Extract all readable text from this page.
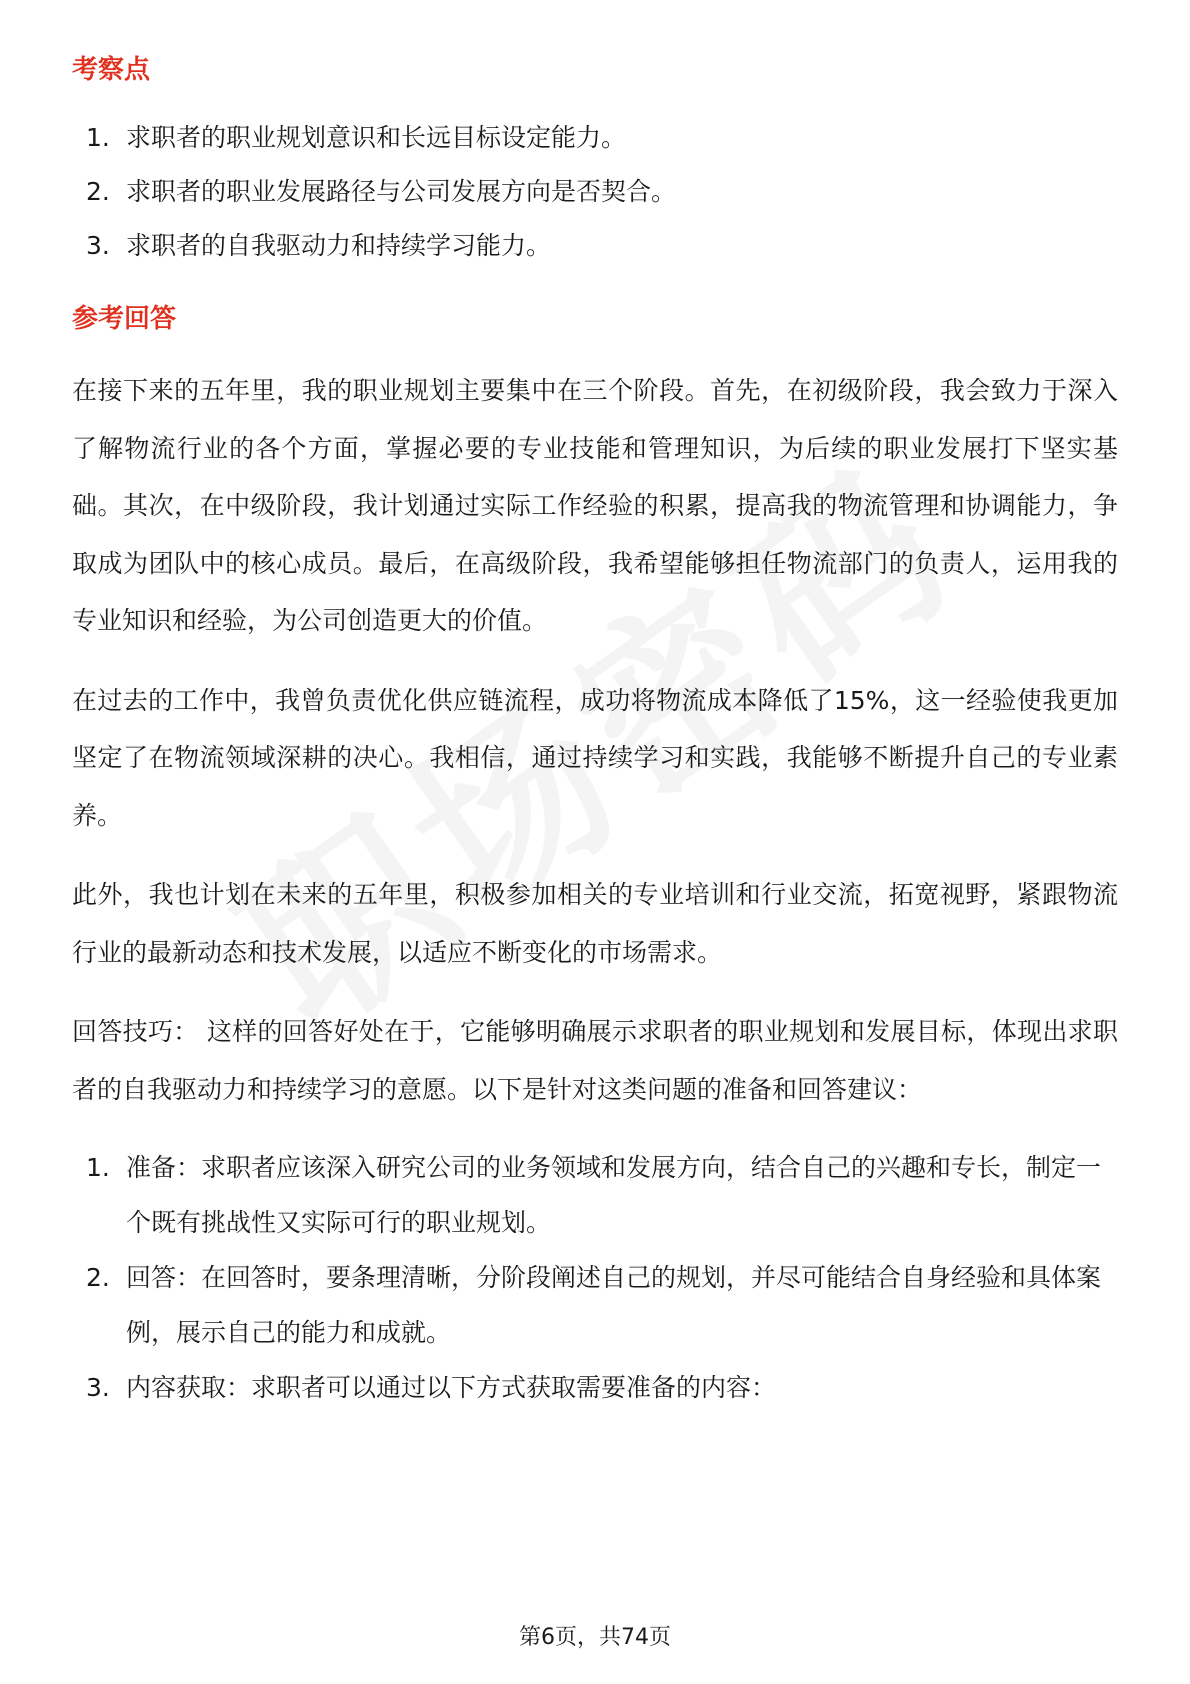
考察点
1. 求职者的职业规划意识和长远目标设定能力。
2. 求职者的职业发展路径与公司发展方向是否契合。
3. 求职者的自我驱动力和持续学习能力。
参考回答

在接下来的五年里，我的职业规划主要集中在三个阶段。首先，在初级阶段，我会致力于深入了解物流行业的各个方面，掌握必要的专业技能和管理知识，为后续的职业发展打下坚实基础。其次，在中级阶段，我计划通过实际工作经验的积累，提高我的物流管理和协调能力，争取成为团队中的核心成员。最后，在高级阶段，我希望能够担任物流部门的负责人，运用我的专业知识和经验，为公司创造更大的价值。

在过去的工作中，我曾负责优化供应链流程，成功将物流成本降低了15%，这一经验使我更加坚定了在物流领域深耕的决心。我相信，通过持续学习和实践，我能够不断提升自己的专业素养。

此外，我也计划在未来的五年里，积极参加相关的专业培训和行业交流，拓宽视野，紧跟物流行业的最新动态和技术发展，以适应不断变化的市场需求。

回答技巧： 这样的回答好处在于，它能够明确展示求职者的职业规划和发展目标，体现出求职者的自我驱动力和持续学习的意愿。以下是针对这类问题的准备和回答建议：

1. 准备：求职者应该深入研究公司的业务领域和发展方向，结合自己的兴趣和专长，制定一个既有挑战性又实际可行的职业规划。
2. 回答：在回答时，要条理清晰，分阶段阐述自己的规划，并尽可能结合自身经验和具体案例，展示自己的能力和成就。
3. 内容获取：求职者可以通过以下方式获取需要准备的内容：
第6页，共74页
